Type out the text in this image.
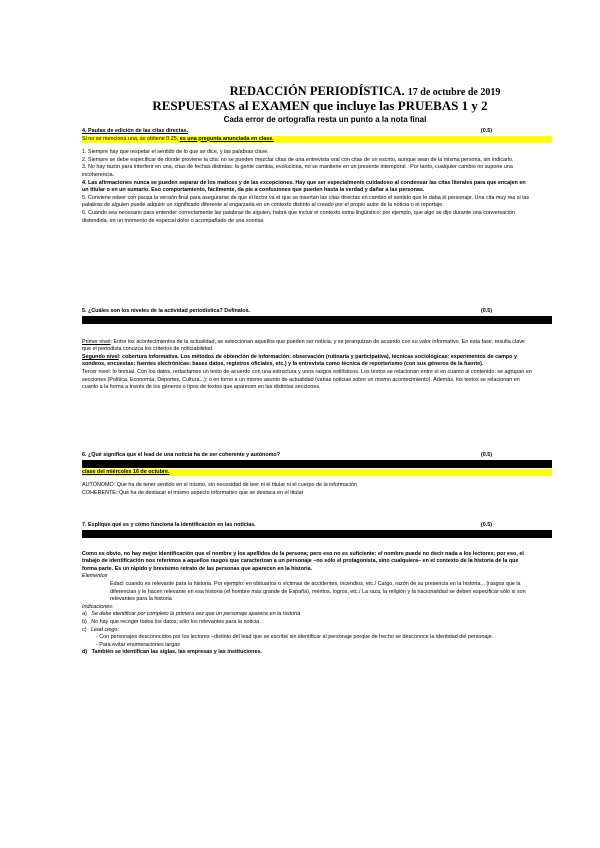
REDACCIÓN PERIODÍSTICA. 17 de octubre de 2019
RESPUESTAS al EXAMEN que incluye las PRUEBAS 1 y 2
Cada error de ortografía resta un punto a la nota final
4. Pautas de edición de las citas directas.	(0.5)
Si no se menciona una, se obtiene 0.25, es una pregunta anunciada en clase.

1. Siempre hay que respetar el sentido de lo que se dice, y las palabras clave.

2. Siempre se debe especificar de dónde proviene la cita: no se pueden mezclar citas de una entrevista oral con citas de un escrito, aunque sean de la misma persona, sin indicarlo.

3. No hay razón para interferir en una, citas de fechas distintas: la gente cambia, evoluciona, no se mantiene en un presente intemporal . Por tanto, cualquier cambio no supone una incoherencia.

4. Las afirmaciones nunca se pueden separar de los matices y de las excepciones. Hay que ser especialmente cuidadoso al condensar las citas literales para que encajen en un titular o en un sumario. Eso comportamiento, fácilmente, da pie a confusiones que pueden hasta la verdad y dañar a las personas.

5. Conviene releer con pausa la versión final para asegurarse de que el lector va el que se insertan las citas directas en cambio el sentido que le daba el personaje. Una cita muy rea si las palabras de alguien puede adquirir un significado diferente al engarzarla en un contexto distinto al creado por el propio autor de la noticia o el reportaje.

6. Cuando sea necesario para entender correctamente las palabras de alguien, habrá que incluir el contexto extra-lingüístico: por ejemplo, que algo se dijo durante una conversación distendida, en un momento de especial dolor o acompañado de una sonrisa

5. ¿Cuáles son los niveles de la actividad periodística? Defínalos.	(0.5)

Primer nivel: Entre los acontecimientos de la actualidad, se seleccionan aquellos que pueden ser noticia, y se jerarquizan de acuerdo con su valor informativo. En esta fase, resulta clave que el periodista conozca los criterios de noticiabilidad.

Segundo nivel: cobertura informativa. Los métodos de obtención de información: observación (rutinaria y participativa), técnicas sociológicas: experimentos de campo y sondeos, encuestas; fuentes electrónicas: bases datos, registros oficiales, etc.) y la entrevista como técnica de reporterismo (con sus géneros de la fuente).

Tercer nivel: lo textual. Con los datos, redactamos un texto de acuerdo con una estructura y unos rasgos estilísticos. Los textos se relacionan entre sí en cuanto al contenido: se agrupan en secciones (Política, Economía, Deportes, Cultura...); o en torno a un mismo asunto de actualidad (varias noticias sobre un mismo acontecimiento). Además, los textos se relacionan en cuanto a la forma a través de los géneros o tipos de textos que aparecen en las distintas secciones.

6. ¿Qué significa que el lead de una noticia ha de ser coherente y autónomo?	(0.5)
clase del miércoles 16 de octubre.

AUTÓNOMO: Que ha de tener sentido en sí mismo, sin necesidad de leer ni el titular ni el cuerpo de la información

COHERENTE: Que ha de destacar el mismo aspecto informativo que se destaca en el titular

7. Explique qué es y cómo funciona la identificación en las noticias.	(0.5)

Como es obvio, no hay mejor identificación que el nombre y los apellidos de la persona; pero eso no es suficiente: el nombre puede no decir nada a los lectores; por eso, el trabajo de identificación nos referimos a aquellos rasgos que caracterizan a un personaje –no sólo el protagonista, sino cualquiera– en el contexto de la historia de la que forma parte. Es un rápido y brevísimo retrato de las personas que aparecen en la historia.

Elementos

Edad: cuando es relevante para la historia. Por ejemplo: en obituarios o víctimas de accidentes, incendios, etc./ Cargo, razón de su presencia en la historia... (rasgos que la diferencian y le hacen relevante en esa historia (el hombre más grande de España), méritos, logros, etc./ La raza, la religión y la nacionalidad se deben especificar sólo si son relevantes para la historia

Indicaciones:

a)   Se debe identificar por completo la primera vez que un personaje aparece en la historia

b)   No hay que recoger todos los datos; sólo los relevantes para la noticia

c)   Lead ciego:

- Con personajes desconocidos por los lectores –distinto del lead que se escribe sin identificar al personaje porque de hecho se desconoce la identidad del personaje.

- Para evitar enumeraciones largas

d)   También se identifican las siglas, las empresas y las instituciones.
